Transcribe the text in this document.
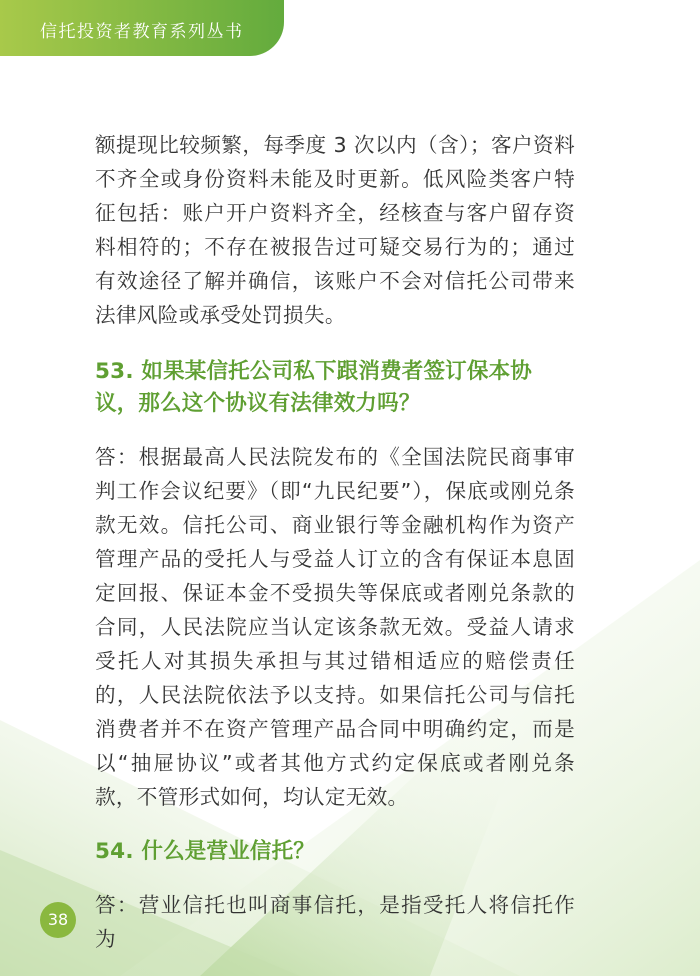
信托投资者教育系列丛书

额提现比较频繁，每季度 3 次以内（含）；客户资料不齐全或身份资料未能及时更新。低风险类客户特征包括：账户开户资料齐全，经核查与客户留存资料相符的；不存在被报告过可疑交易行为的；通过有效途径了解并确信，该账户不会对信托公司带来法律风险或承受处罚损失。

53. 如果某信托公司私下跟消费者签订保本协议，那么这个协议有法律效力吗？

答：根据最高人民法院发布的《全国法院民商事审判工作会议纪要》（即“九民纪要”），保底或刚兑条款无效。信托公司、商业银行等金融机构作为资产管理产品的受托人与受益人订立的含有保证本息固定回报、保证本金不受损失等保底或者刚兑条款的合同，人民法院应当认定该条款无效。受益人请求受托人对其损失承担与其过错相适应的赔偿责任的，人民法院依法予以支持。如果信托公司与信托消费者并不在资产管理产品合同中明确约定，而是以“抽屉协议”或者其他方式约定保底或者刚兑条款，不管形式如何，均认定无效。

54. 什么是营业信托？

答：营业信托也叫商事信托，是指受托人将信托作为

38
